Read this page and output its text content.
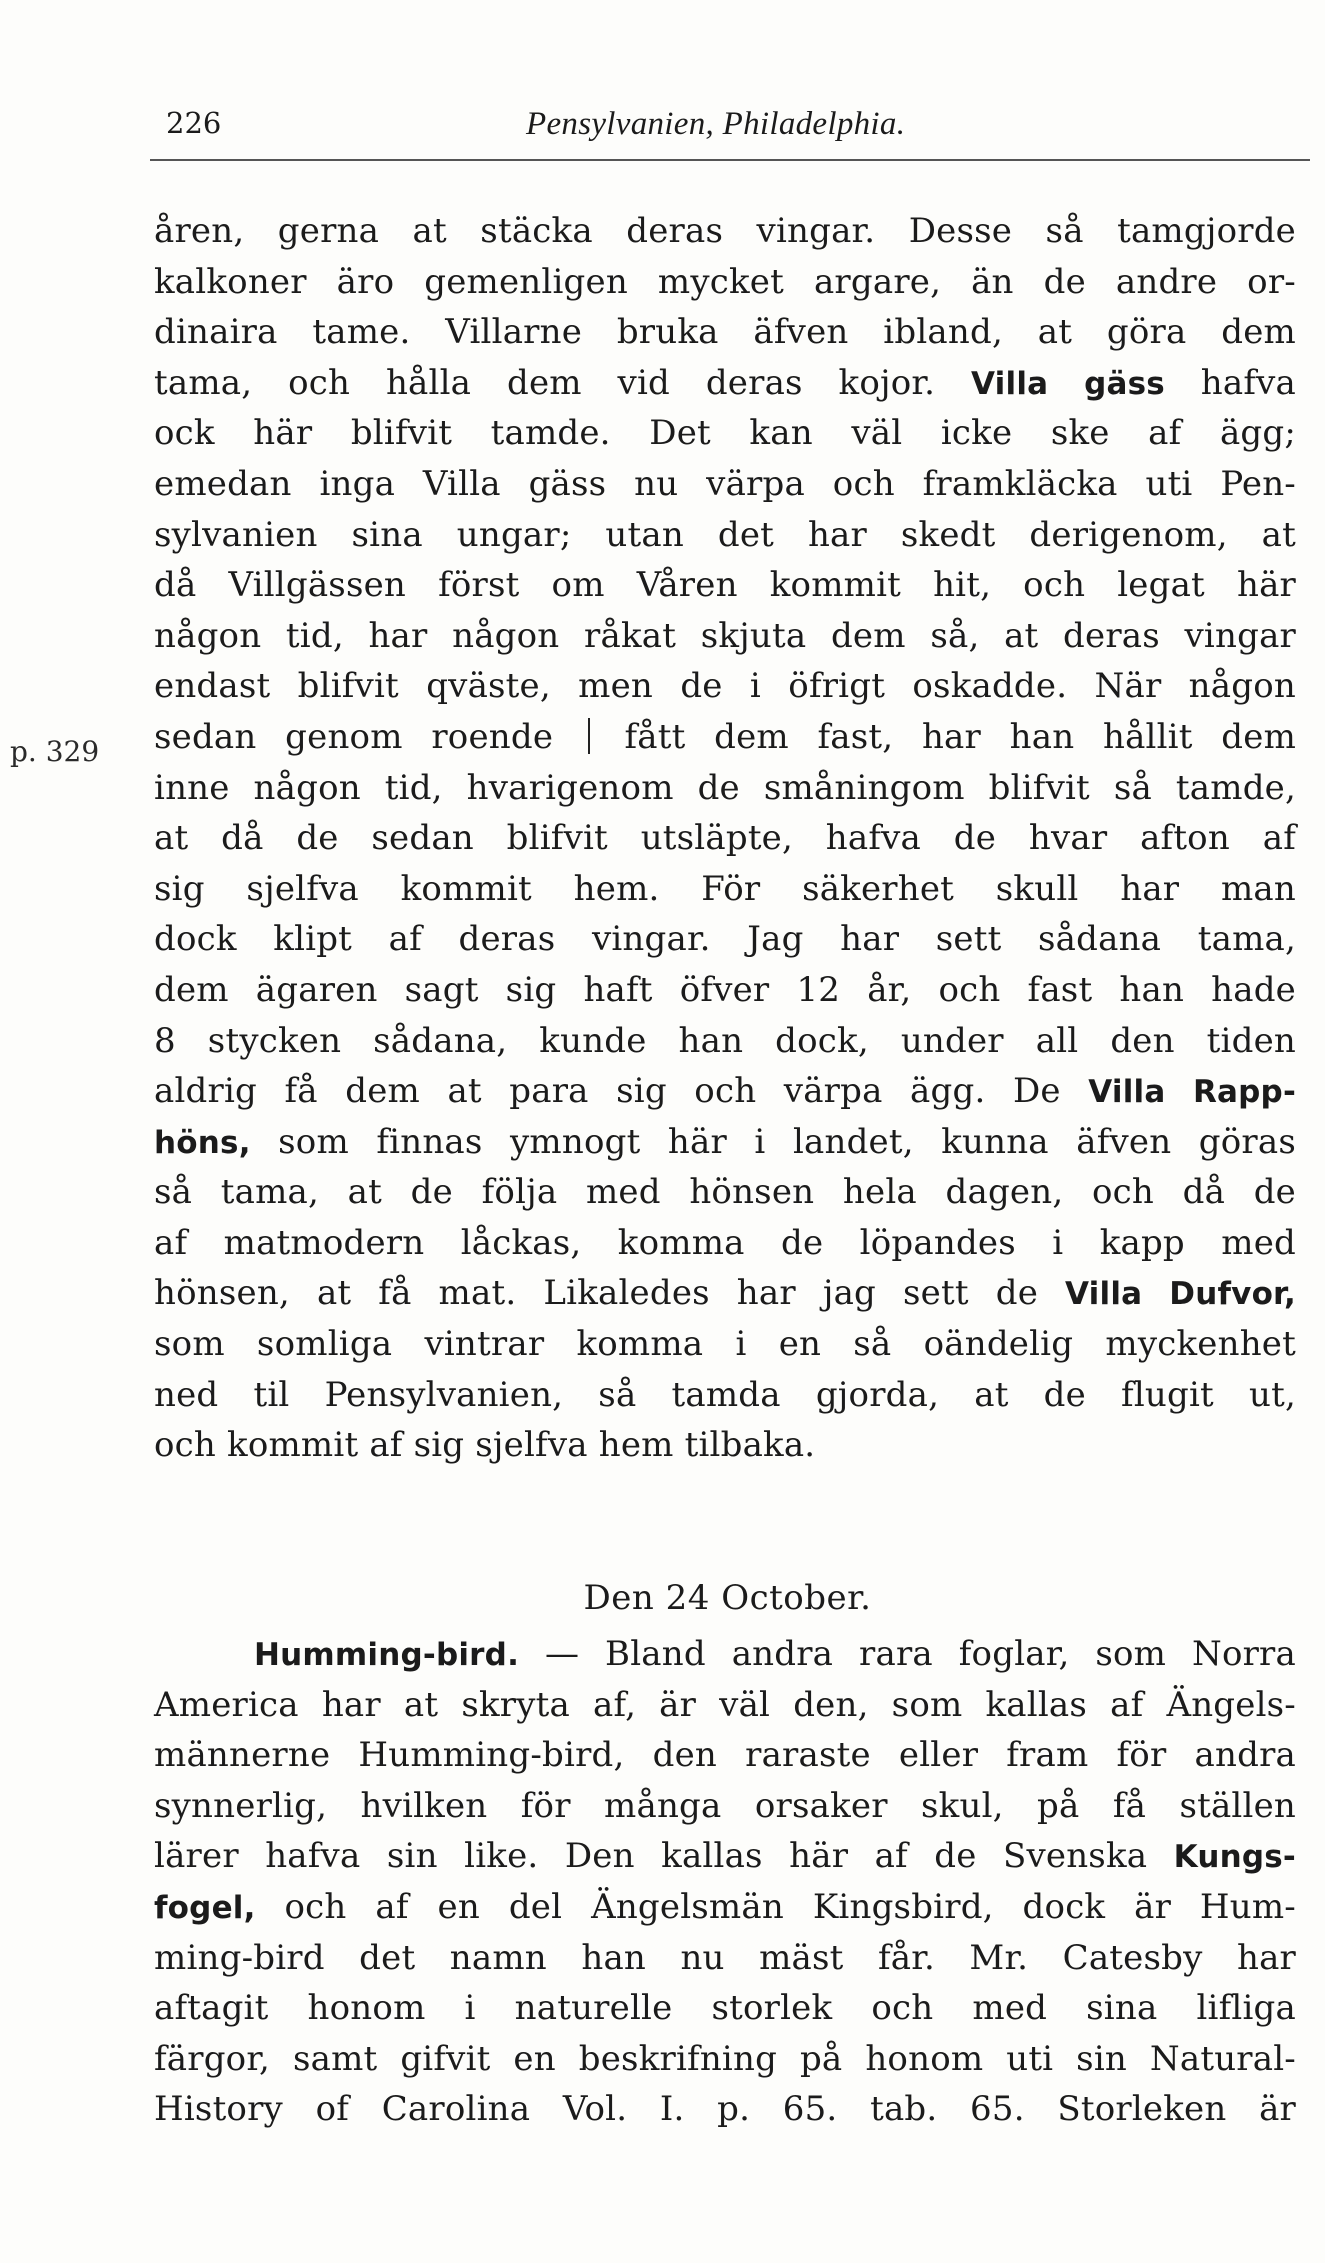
226	Pensylvanien, Philadelphia.
p. 329
åren, gerna at stäcka deras vingar. Desse så tamgjorde
kalkoner äro gemenligen mycket argare, än de andre or-
dinaira tame. Villarne bruka äfven ibland, at göra dem
tama, och hålla dem vid deras kojor. Villa gäss hafva
ock här blifvit tamde. Det kan väl icke ske af ägg;
emedan inga Villa gäss nu värpa och framkläcka uti Pen-
sylvanien sina ungar; utan det har skedt derigenom, at
då Villgässen först om Våren kommit hit, och legat här
någon tid, har någon råkat skjuta dem så, at deras vingar
endast blifvit qväste, men de i öfrigt oskadde. När någon
sedan genom roende fått dem fast, har han hållit dem
inne någon tid, hvarigenom de småningom blifvit så tamde,
at då de sedan blifvit utsläpte, hafva de hvar afton af
sig sjelfva kommit hem. För säkerhet skull har man
dock klipt af deras vingar. Jag har sett sådana tama,
dem ägaren sagt sig haft öfver 12 år, och fast han hade
8 stycken sådana, kunde han dock, under all den tiden
aldrig få dem at para sig och värpa ägg. De Villa Rapp-
höns, som finnas ymnogt här i landet, kunna äfven göras
så tama, at de följa med hönsen hela dagen, och då de
af matmodern låckas, komma de löpandes i kapp med
hönsen, at få mat. Likaledes har jag sett de Villa Dufvor,
som somliga vintrar komma i en så oändelig myckenhet
ned til Pensylvanien, så tamda gjorda, at de flugit ut,
och kommit af sig sjelfva hem tilbaka.
Den 24 October.
Humming-bird. — Bland andra rara foglar, som Norra
America har at skryta af, är väl den, som kallas af Ängels-
männerne Humming-bird, den raraste eller fram för andra
synnerlig, hvilken för många orsaker skul, på få ställen
lärer hafva sin like. Den kallas här af de Svenska Kungs-
fogel, och af en del Ängelsmän Kingsbird, dock är Hum-
ming-bird det namn han nu mäst får. Mr. Catesby har
aftagit honom i naturelle storlek och med sina lifliga
färgor, samt gifvit en beskrifning på honom uti sin Natural-
History of Carolina Vol. I. p. 65. tab. 65. Storleken är
